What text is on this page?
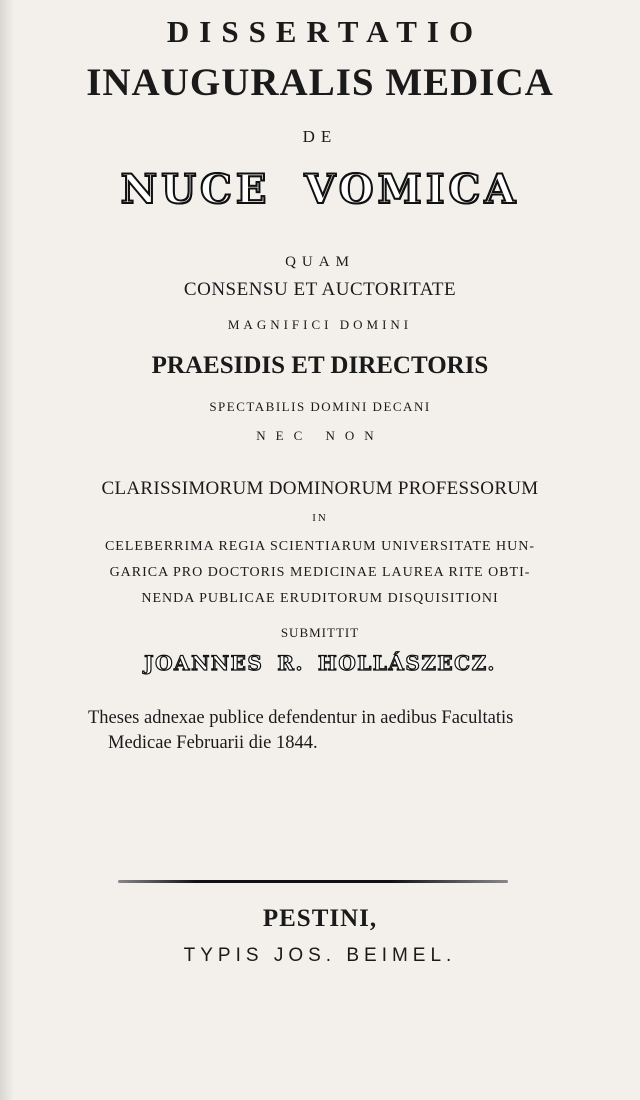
DISSERTATIO
INAUGURALIS MEDICA
DE
NUCE VOMICA
QUAM
CONSENSU ET AUCTORITATE
MAGNIFICI DOMINI
PRAESIDIS ET DIRECTORIS
SPECTABILIS DOMINI DECANI
NEC NON
CLARISSIMORUM DOMINORUM PROFESSORUM
IN
CELEBERRIMA REGIA SCIENTIARUM UNIVERSITATE HUN-
GARICA PRO DOCTORIS MEDICINAE LAUREA RITE OBTI-
NENDA PUBLICAE ERUDITORUM DISQUISITIONI
SUBMITTIT
JOANNES R. HOLLÁSZECZ.
Theses adnexae publice defendentur in aedibus Facultatis
Medicae Februarii die 1844.
PESTINI,
TYPIS JOS. BEIMEL.
